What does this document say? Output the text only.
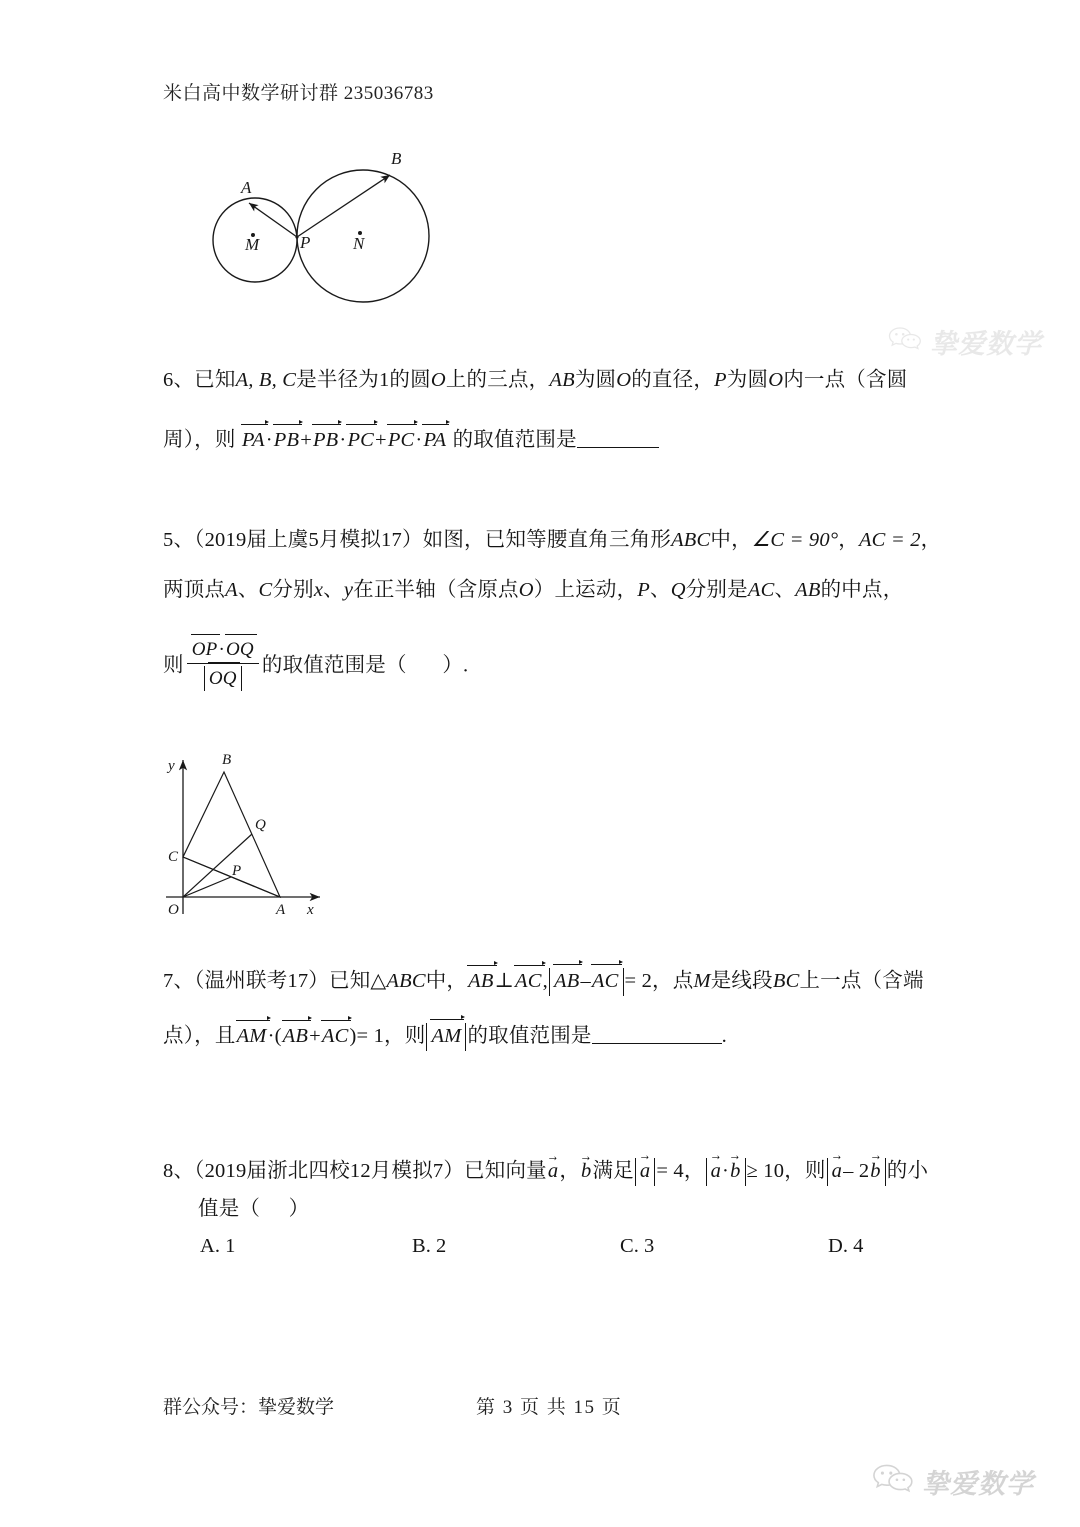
米白高中数学研讨群 235036783
A
B
M	N
P
6、已知A, B, C是半径为1的圆O上的三点，AB为圆O的直径，P为圆O内一点（含圆
周），则 PA·PB+PB·PC+PC·PA 的取值范围是
5、（2019届上虞5月模拟17）如图，已知等腰直角三角形ABC中，∠C = 90°，AC = 2，
两顶点A、C分别x、y在正半轴（含原点O）上运动，P、Q分别是AC、AB的中点，
则 $\frac{OP\cdot OQ}{OQ}$ 的取值范围是（ ）.
y
x
B
Q
C
P
O	A
7、（温州联考17）已知△ABC中，AB⊥AC, AB–AC = 2，点M是线段BC上一点（含端
点），且AM·(AB+AC)= 1，则 AM 的取值范围是	.
8、（2019届浙北四校12月模拟7）已知向量a →，b →满足 a → = 4， a →·b → ≥ 10，则 a →– 2b → 的小
值是（ ）
A. 1	B. 2	C. 3	D. 4
群公众号：挚爱数学	第 3 页 共 15 页
挚爱数学
挚爱数学
